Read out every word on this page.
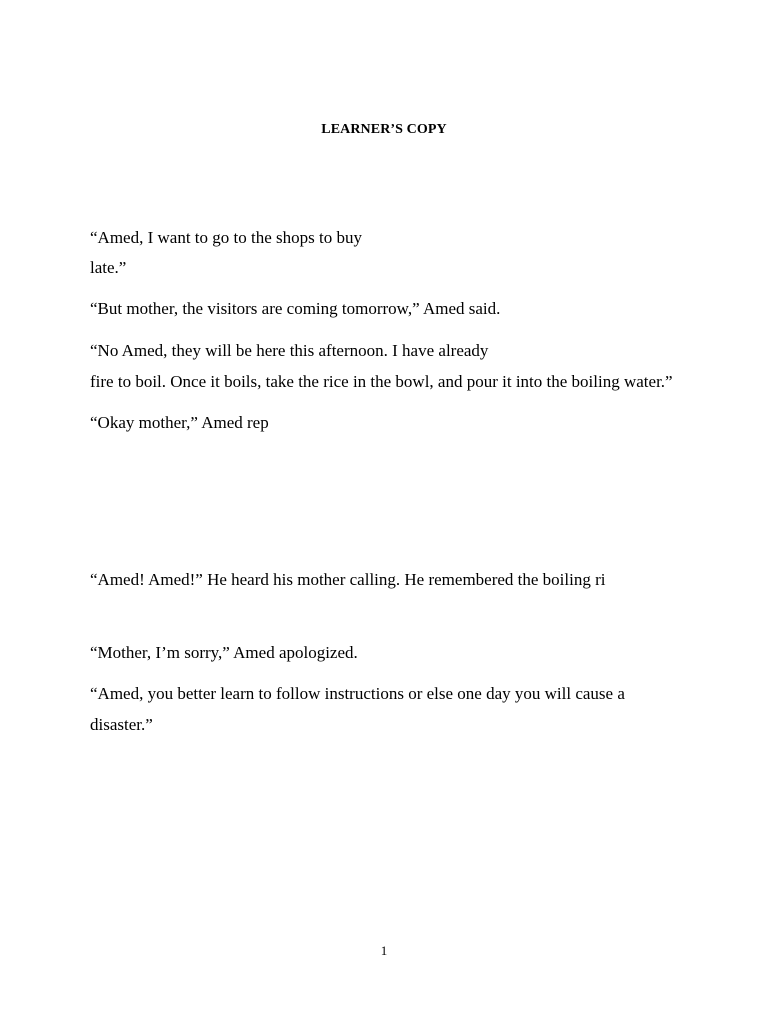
LEARNER’S COPY
“Amed, I want to go to the shops to buy
late.”
“But mother, the visitors are coming tomorrow,” Amed said.
“No Amed, they will be here this afternoon. I have already
fire to boil. Once it boils, take the rice in the bowl, and pour it into the boiling water.”
“Okay mother,” Amed rep
“Amed! Amed!” He heard his mother calling. He remembered the boiling ri
“Mother, I’m sorry,” Amed apologized.
“Amed, you better learn to follow instructions or else one day you will cause a
disaster.”
1
